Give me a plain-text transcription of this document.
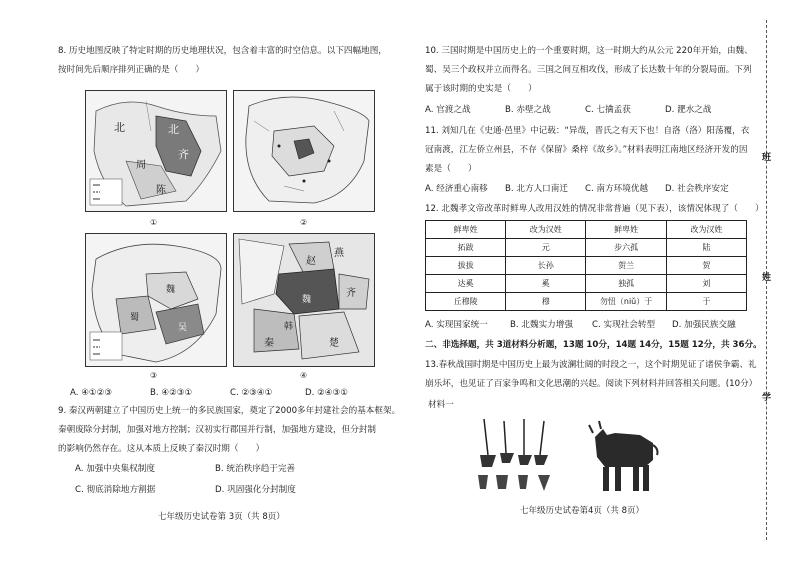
8. 历史地图反映了特定时期的历史地理状况，包含着丰富的时空信息。以下四幅地图，
按时间先后顺序排列正确的是（　　）
北	北
齐
周
陈
①	②
魏
蜀
吴
③
燕
赵
齐
魏
韩
楚
秦
④
A. ④①②③	B. ④②③①	C. ②③④①	D. ②④③①
9. 秦汉两朝建立了中国历史上统一的多民族国家，奠定了2000多年封建社会的基本框架。
秦朝废除分封制，加强对地方控制；汉初实行郡国并行制，加强地方建设，但分封制
的影响仍然存在。这从本质上反映了秦汉时期（　　）
A. 加强中央集权制度	B. 统治秩序趋于完善
C. 彻底消除地方割据	D. 巩固强化分封制度
七年级历史试卷第 3页（共 8页）
10. 三国时期是中国历史上的一个重要时期，这一时期大约从公元 220年开始，由魏、
蜀、吴三个政权并立而得名。三国之间互相攻伐，形成了长达数十年的分裂局面。下列
属于该时期的史实是（　　）
A. 官渡之战	B. 赤壁之战	C. 七擒孟获	D. 淝水之战
11. 刘知几在《史通·邑里》中记载：“异哉，晋氏之有天下也！自洛（洛）阳荡覆，衣
冠南渡，江左侨立州县，不存《保留》桑梓《故乡》。”材料表明江南地区经济开发的因
素是（　　）
A. 经济重心南移 B. 北方人口南迁 C. 南方环境优越 D. 社会秩序安定
12. 北魏孝文帝改革时鲜卑人改用汉姓的情况非常普遍（见下表），该情况体现了（　　）
鲜卑姓	改为汉姓	鲜卑姓	改为汉姓
拓跋	元	步六孤	陆
拔拔	长孙	贺兰	贺
达奚	奚	独孤	刘
丘穆陵	穆	勿忸（niǔ）于	于
A. 实现国家统一	B. 北魏实力增强 C. 实现社会转型 D. 加强民族交融
二、非选择题，共 3道材料分析题，13题 10分，14题 14分，15题 12分，共 36分。
13.春秋战国时期是中国历史上最为波澜壮阔的时段之一，这个时期见证了诸侯争霸、礼
崩乐坏，也见证了百家争鸣和文化思潮的兴起。阅读下列材料并回答相关问题。(10分）
材料一
七年级历史试卷第4页（共 8页）
班
姓
学
